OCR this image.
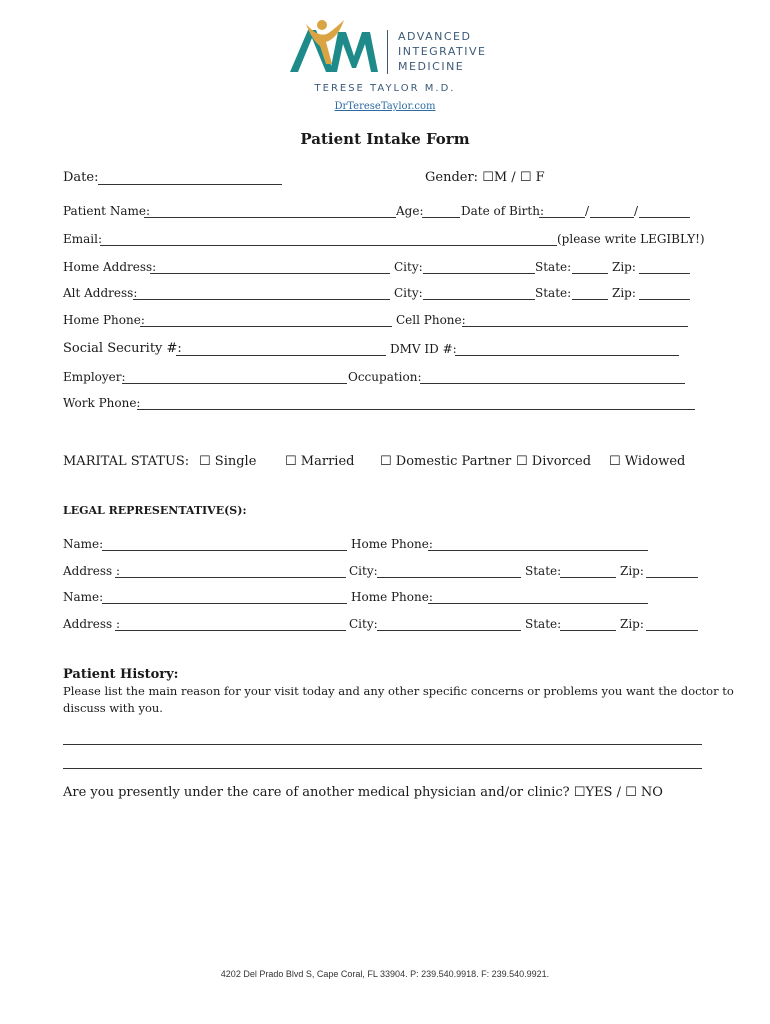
ADVANCED
INTEGRATIVE
MEDICINE
TERESE TAYLOR M.D.
DrTereseTaylor.com
Patient Intake Form
Date:	Gender: ☐M / ☐ F
Patient Name:	Age:	Date of Birth:	/	/
Email:	(please write LEGIBLY!)
Home Address:	City:	State:	Zip:
Alt Address:	City:	State:	Zip:
Home Phone:	Cell Phone:
Social Security #:	DMV ID #:
Employer:	Occupation:
Work Phone:
MARITAL STATUS: ☐ Single ☐ Married ☐ Domestic Partner ☐ Divorced ☐ Widowed
LEGAL REPRESENTATIVE(S):
Name:	Home Phone:
Address :	City:	State:	Zip:
Name:	Home Phone:
Address :	City:	State:	Zip:
Patient History:
Please list the main reason for your visit today and any other specific concerns or problems you want the doctor to
discuss with you.
Are you presently under the care of another medical physician and/or clinic? ☐YES / ☐ NO
4202 Del Prado Blvd S, Cape Coral, FL 33904. P: 239.540.9918. F: 239.540.9921.
